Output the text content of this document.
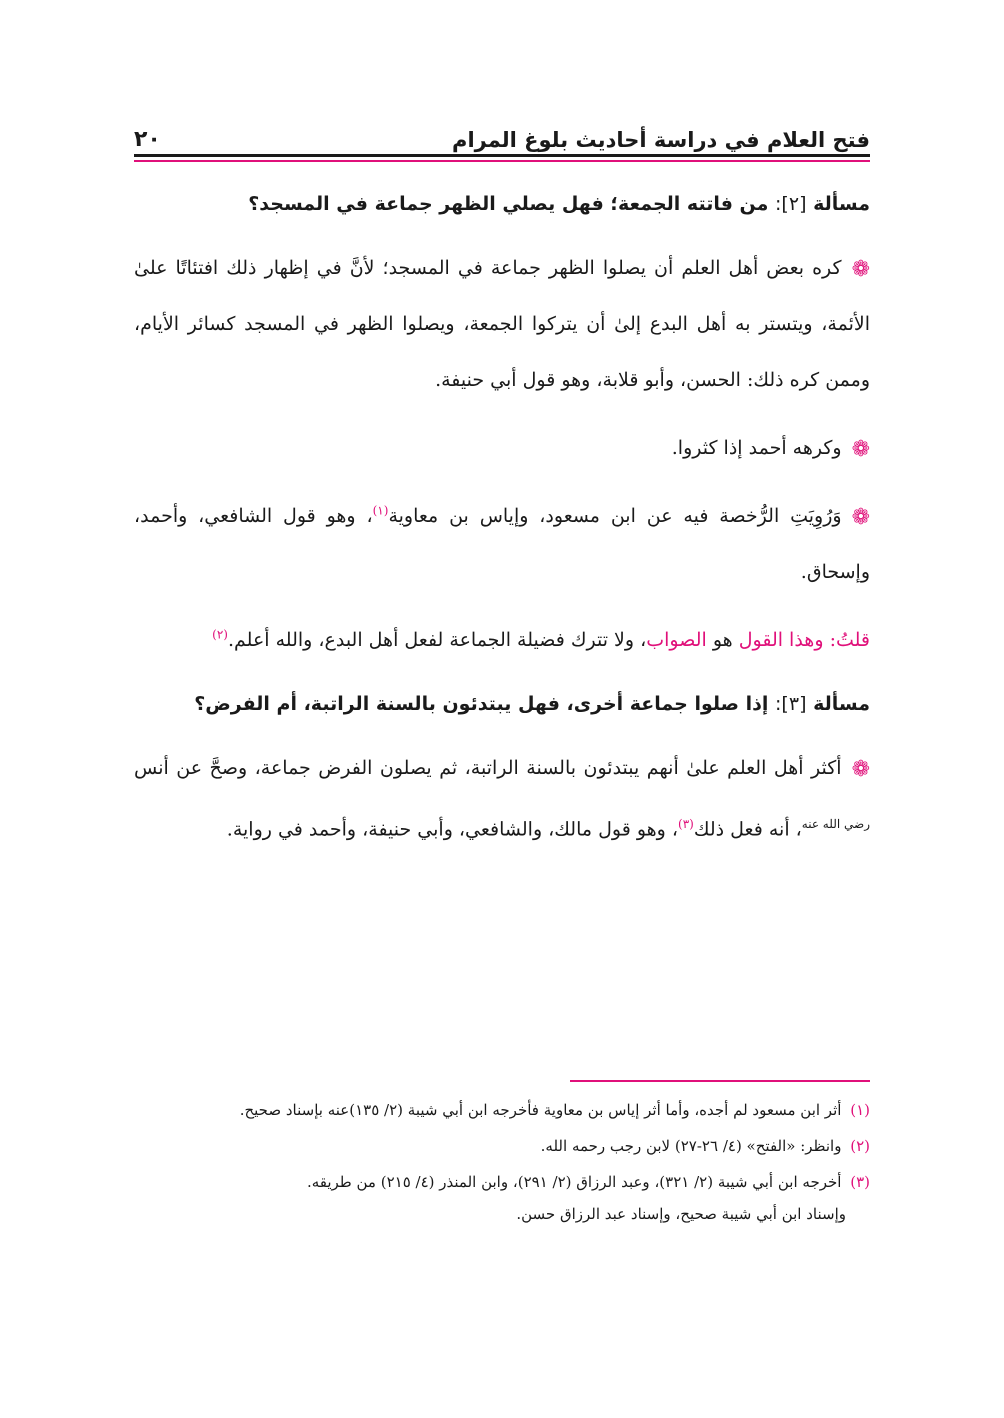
فتح العلام في دراسة أحاديث بلوغ المرام
٢٠

مسألة [٢]: من فاتته الجمعة؛ فهل يصلي الظهر جماعة في المسجد؟

❁كره بعض أهل العلم أن يصلوا الظهر جماعة في المسجد؛ لأنَّ في إظهار ذلك افتئاتًا علىٰ الأئمة، ويتستر به أهل البدع إلىٰ أن يتركوا الجمعة، ويصلوا الظهر في المسجد كسائر الأيام، وممن كره ذلك: الحسن، وأبو قلابة، وهو قول أبي حنيفة.

❁وكرهه أحمد إذا كثروا.

❁وَرُوِيَتِ الرُّخصة فيه عن ابن مسعود، وإياس بن معاوية$^{(١)}$، وهو قول الشافعي، وأحمد، وإسحاق.

قلتُ: وهذا القول هو الصواب، ولا تترك فضيلة الجماعة لفعل أهل البدع، والله أعلم.$^{(٢)}$

مسألة [٣]: إذا صلوا جماعة أخرى، فهل يبتدئون بالسنة الراتبة، أم الفرض؟

❁أكثر أهل العلم علىٰ أنهم يبتدئون بالسنة الراتبة، ثم يصلون الفرض جماعة، وصحَّ عن أنس $^{رضي الله عنه}$، أنه فعل ذلك$^{(٣)}$، وهو قول مالك، والشافعي، وأبي حنيفة، وأحمد في رواية.

(١) أثر ابن مسعود لم أجده، وأما أثر إياس بن معاوية فأخرجه ابن أبي شيبة (٢/ ١٣٥)عنه بإسناد صحيح.

(٢) وانظر: «الفتح» (٤/ ٢٦-٢٧) لابن رجب رحمه الله.

(٣) أخرجه ابن أبي شيبة (٢/ ٣٢١)، وعبد الرزاق (٢/ ٢٩١)، وابن المنذر (٤/ ٢١٥) من طريقه.
وإسناد ابن أبي شيبة صحيح، وإسناد عبد الرزاق حسن.
